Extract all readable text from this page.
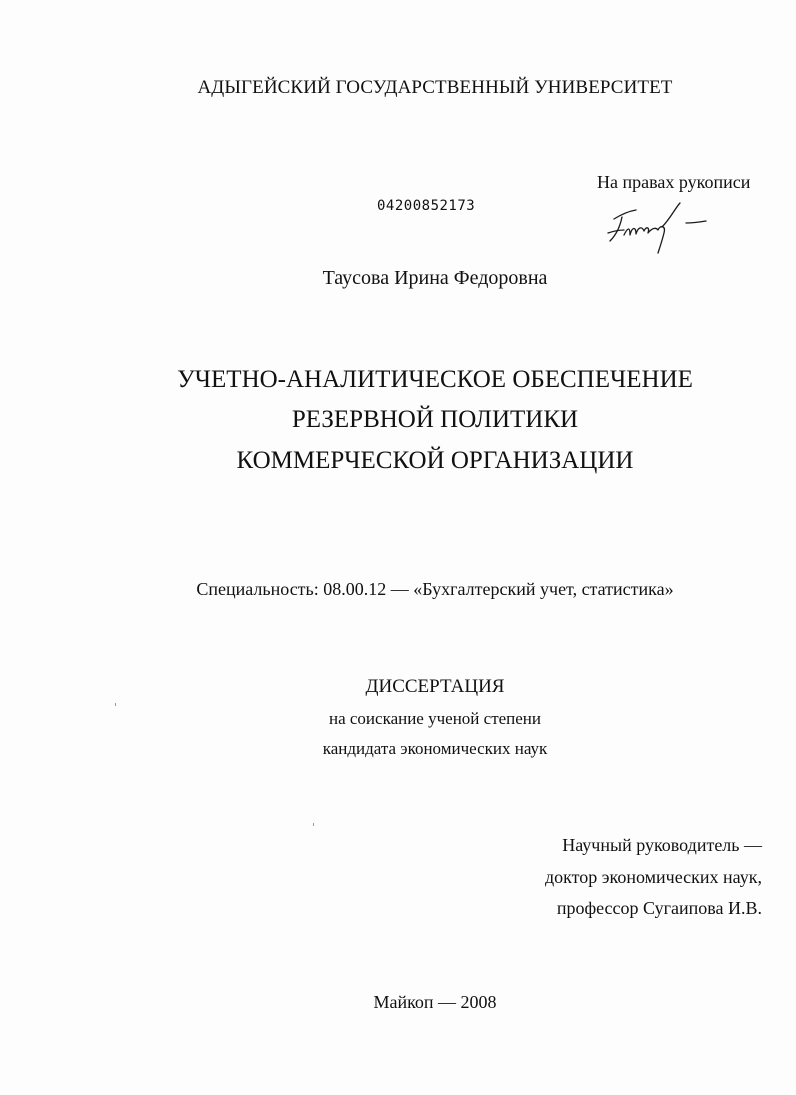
АДЫГЕЙСКИЙ ГОСУДАРСТВЕННЫЙ УНИВЕРСИТЕТ
На правах рукописи
04200852173
Таусова Ирина Федоровна
УЧЕТНО-АНАЛИТИЧЕСКОЕ ОБЕСПЕЧЕНИЕ
РЕЗЕРВНОЙ ПОЛИТИКИ
КОММЕРЧЕСКОЙ ОРГАНИЗАЦИИ
Специальность: 08.00.12 — «Бухгалтерский учет, статистика»
ДИССЕРТАЦИЯ
на соискание ученой степени
кандидата экономических наук
Научный руководитель —
доктор экономических наук,
профессор Сугаипова И.В.
Майкоп — 2008
